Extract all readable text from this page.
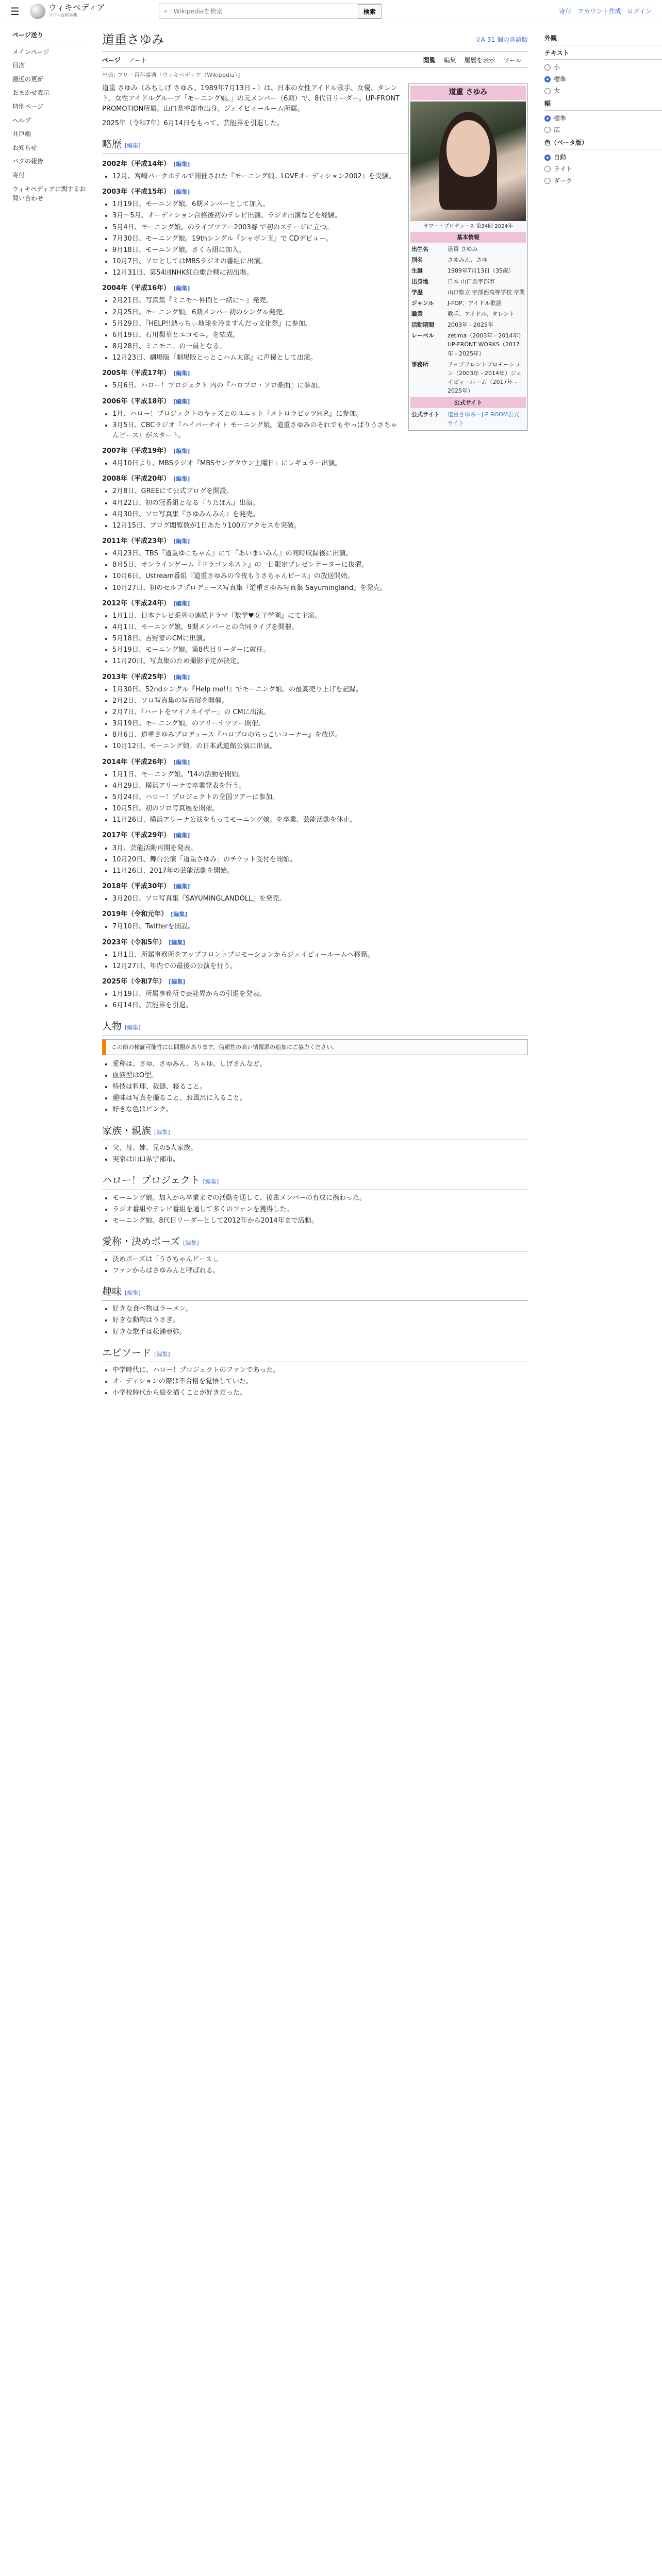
☰	ウィキペディア
フリー百科事典
⌕
Wikipediaを検索	検索	寄付 アカウント作成 ログイン
ページ送り
メインページ
目次
最近の更新
おまかせ表示
特別ページ
ヘルプ
井戸端
お知らせ
バグの報告
寄付
ウィキペディアに関するお問い合わせ
道重さゆみ	文A 31 個の言語版
ページ ノート	閲覧 編集 履歴を表示 ツール
出典: フリー百科事典『ウィキペディア（Wikipedia）』
道重 さゆみ
サワー・プロデュース 第34回 2024年
基本情報
出生名	道重 さゆみ
別名	さゆみん、さゆ
生誕	1989年7月13日（35歳）
出身地	日本 山口県宇部市
学歴	山口県立 宇部西高等学校 卒業
ジャンル	J-POP、アイドル歌謡
職業	歌手、アイドル、タレント
活動期間	2003年 - 2025年
レーベル	zetima（2003年 - 2014年）UP-FRONT WORKS（2017年 - 2025年）
事務所	アップフロントプロモーション（2003年 - 2014年）ジェイピィールーム（2017年 - 2025年）
公式サイト
公式サイト	道重さゆみ - J.P ROOM公式サイト

道重 さゆみ（みちしげ さゆみ、1989年7月13日 - ）は、日本の女性アイドル歌手、女優、タレント。女性アイドルグループ「モーニング娘。」の元メンバー（6期）で、8代目リーダー。UP-FRONT PROMOTION所属。山口県宇部市出身。ジェイピィールーム所属。

2025年（令和7年）6月14日をもって、芸能界を引退した。

略歴 [編集]
2002年（平成14年） [編集]
• 12月、宮崎パークホテルで開催された『モーニング娘。LOVEオーディション2002』を受験。
2003年（平成15年） [編集]
• 1月19日、モーニング娘。6期メンバーとして加入。
• 3月〜5月、オーディション合格後初のテレビ出演、ラジオ出演などを経験。
• 5月4日、モーニング娘。のライブツアー2003春 で初のステージに立つ。
• 7月30日、モーニング娘。19thシングル『シャボン玉』で CDデビュー。
• 9月18日、モーニング娘。さくら組に加入。
• 10月7日、ソロとしてはMBSラジオの番組に出演。
• 12月31日、第54回NHK紅白歌合戦に初出場。
2004年（平成16年） [編集]
• 2月21日、写真集『ミニモ〜仲間と一緒に〜』発売。
• 2月25日、モーニング娘。6期メンバー初のシングル発売。
• 5月29日、『HELP!!熱っちぃ地球を冷ますんだっ文化祭』に参加。
• 6月19日、石川梨華とエコモニ。を結成。
• 8月28日、ミニモニ。の一員となる。
• 12月23日、劇場版『劇場版とっとこハム太郎』に声優として出演。
2005年（平成17年） [編集]
• 5月6日、ハロー！プロジェクト 内の『ハロプロ・ソロ楽曲』に参加。
2006年（平成18年） [編集]
• 1月、ハロー！プロジェクトのキッズとのユニット『メトロラビッツH.P.』に参加。
• 3月5日、CBCラジオ『ハイパーナイト モーニング娘。道重さゆみのそれでもやっぱりうさちゃんピース』がスタート。
2007年（平成19年） [編集]
• 4月10日より、MBSラジオ『MBSヤングタウン土曜日』にレギュラー出演。
2008年（平成20年） [編集]
• 2月8日、GREEにて公式ブログを開設。
• 4月22日、初の冠番組となる『うたばん』出演。
• 4月30日、ソロ写真集『さゆみんみん』を発売。
• 12月15日、ブログ閲覧数が1日あたり100万アクセスを突破。
2011年（平成23年） [編集]
• 4月23日、TBS『道重ゆこちゃん』にて『あいまいみん』の同時収録後に出演。
• 8月5日、オンラインゲーム『ドラゴンネスト』の一日限定プレゼンテーターに抜擢。
• 10月6日、Ustream番組『道重さゆみの今夜もうさちゃんピース』の放送開始。
• 10月27日、初のセルフプロデュース写真集『道重さゆみ写真集 Sayumingland』を発売。
2012年（平成24年） [編集]
• 1月1日、日本テレビ系列の連続ドラマ『数学♥女子学園』にて主演。
• 4月1日、モーニング娘。9期メンバーとの合同ライブを開催。
• 5月18日、吉野家のCMに出演。
• 5月19日、モーニング娘。第8代目リーダーに就任。
• 11月20日、写真集のため撮影予定が決定。
2013年（平成25年） [編集]
• 1月30日、52ndシングル『Help me!!』でモーニング娘。の最高売り上げを記録。
• 2月2日、ソロ写真集の写真展を開催。
• 2月7日、『ハートをマイノネイザー』の CMに出演。
• 3月19日、モーニング娘。のアリーナツアー開催。
• 8月6日、道重さゆみプロデュース『ハロプロのちっこいコーナー』を放送。
• 10月12日、モーニング娘。の日本武道館公演に出演。
2014年（平成26年） [編集]
• 1月1日、モーニング娘。'14の活動を開始。
• 4月29日、横浜アリーナで卒業発表を行う。
• 5月24日、ハロー！プロジェクトの全国ツアーに参加。
• 10月5日、初のソロ写真展を開催。
• 11月26日、横浜アリーナ公演をもってモーニング娘。を卒業、芸能活動を休止。
2017年（平成29年） [編集]
• 3月、芸能活動再開を発表。
• 10月20日、舞台公演「道重さゆみ」のチケット受付を開始。
• 11月26日、2017年の芸能活動を開始。
2018年（平成30年） [編集]
• 3月20日、ソロ写真集『SAYUMINGLANDOLL』を発売。
2019年（令和元年） [編集]
• 7月10日、Twitterを開設。
2023年（令和5年） [編集]
• 1月1日、所属事務所をアップフロントプロモーションからジェイピィールームへ移籍。
• 12月27日、年内での最後の公演を行う。
2025年（令和7年） [編集]
• 1月19日、所属事務所で芸能界からの引退を発表。
• 6月14日、芸能界を引退。
人物 [編集]
この節の検証可能性には問題があります。信頼性の高い情報源の追加にご協力ください。
• 愛称は、さゆ、さゆみん、ちゃゆ、しげさんなど。
• 血液型はO型。
• 特技は料理、裁縫、寝ること。
• 趣味は写真を撮ること、お風呂に入ること。
• 好きな色はピンク。
家族・親族 [編集]
• 父、母、姉、兄の5人家族。
• 実家は山口県宇部市。
ハロー！プロジェクト [編集]
• モーニング娘。加入から卒業までの活動を通して、後輩メンバーの育成に携わった。
• ラジオ番組やテレビ番組を通して多くのファンを獲得した。
• モーニング娘。8代目リーダーとして2012年から2014年まで活動。
愛称・決めポーズ [編集]
• 決めポーズは「うさちゃんピース」。
• ファンからはさゆみんと呼ばれる。
趣味 [編集]
• 好きな食べ物はラーメン。
• 好きな動物はうさぎ。
• 好きな歌手は松浦亜弥。
エピソード [編集]
• 中学時代に、ハロー！プロジェクトのファンであった。
• オーディションの際は不合格を覚悟していた。
• 小学校時代から絵を描くことが好きだった。
外観
テキスト
小
標準
大
幅
標準
広
色（ベータ版）
自動
ライト
ダーク
